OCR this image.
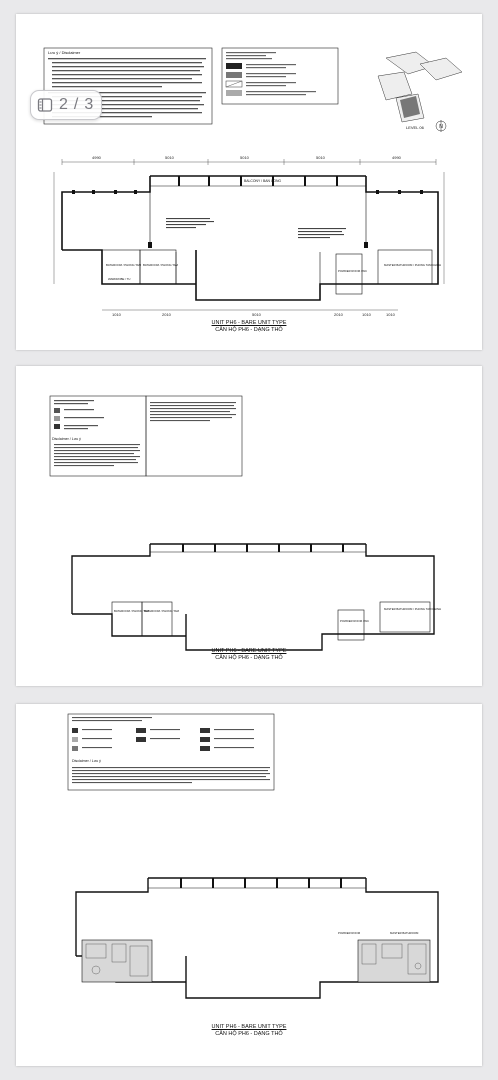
Lưu ý / Disclaimer
LEVEL 06	N
4990	5010	5010	5010	4990
BALCONY / BAN CONG
BATHROOM / PHONG TAM BATHROOM / PHONG TAM
WARDROBE / TU
POWDER ROOM / WC
MASTER BATHROOM / PHONG TAM CHINH
1010	2010	5010	2010	1010	1010
UNIT PH6 - BARE UNIT TYPE
CĂN HỘ PH6 - DẠNG THÔ
Disclaimer / Lưu ý
BATHROOM / PHONG TAM
BATHROOM / PHONG TAM
POWDER ROOM / WC
MASTER BATHROOM / PHONG TAM CHINH
UNIT PH6 - BARE UNIT TYPE
CĂN HỘ PH6 - DẠNG THÔ
Disclaimer / Lưu ý
POWDER ROOM	MASTER BATHROOM
UNIT PH6 - BARE UNIT TYPE
CĂN HỘ PH6 - DẠNG THÔ
2 / 3
